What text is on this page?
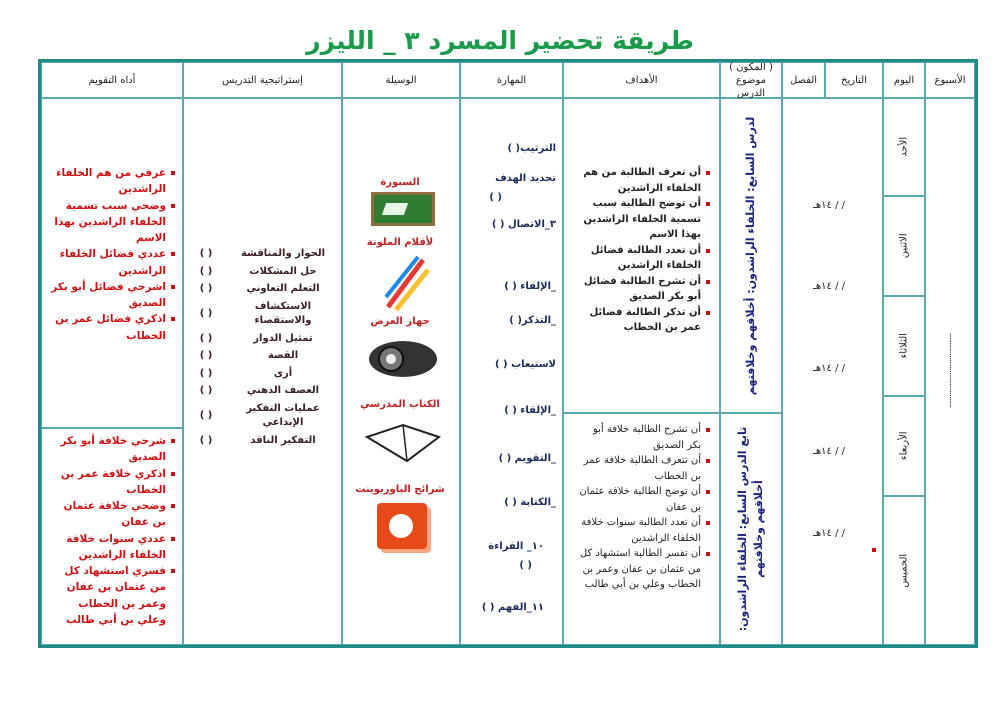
طريقة تحضير المسرد ٣ _ الليزر
الأسبوع
اليوم
التاريخ
الفصل
( المكون )
موضوع الدرس
الأهداف
المهارة
الوسيلة
إستراتيجية التدريس
أداه التقويم
........................................
الأحد
الاثنين
الثلاثاء
الأربعاء
الخميس
/ / ١٤هـ
/ / ١٤هـ
/ / ١٤هـ
/ / ١٤هـ
/ / ١٤هـ
لدرس السابع: الخلفاء الراشدون: أخلاقهم وخلافتهم
تابع الدرس السابع: الخلفاء الراشدون: أخلاقهم وخلافتهم
أن تعرف الطالبة من هم الخلفاء الراشدين
أن توضح الطالبة سبب تسمية الخلفاء الراشدين بهذا الاسم
أن تعدد الطالبة فضائل الخلفاء الراشدين
أن تشرح الطالبة فضائل أبو بكر الصديق
أن تذكر الطالبة فضائل عمر بن الخطاب
أن تشرح الطالبة خلافة أبو بكر الصديق
أن تتعرف الطالبة خلافة عمر بن الخطاب
أن توضح الطالبة خلافة عثمان بن عفان
أن تعدد الطالبة سنوات خلافة الخلفاء الراشدين
أن تفسر الطالبة استشهاد كل من عثمان بن عفان وعمر بن الخطاب وعلي بن أبي طالب
الترتيب( )
تحديد الهدف
( )
٣_الاتصال ( )
_الإلقاء ( )
_التذكر( )
لاستيعاب ( )
_الإلقاء ( )
_التقويم ( )
_الكتابة ( )
١٠_ القراءة
( )
١١_الفهم ( )
السبورة
لأقلام الملونة
جهاز العرض
الكتاب المدرسي
شرائح الباوربوينت
الحوار والمناقشة
( )
حل المشكلات
( )
التعلم التعاوني
( )
الاستكشاف والاستقصاء
( )
تمثيل الدوار
( )
القصة
( )
أرى
( )
العصف الذهني
( )
عمليات التفكير الإبداعي
( )
التفكير الناقد
( )
عرفي من هم الخلفاء الراشدين
وضحي سبب تسمية الخلفاء الراشدين بهذا الاسم
عددي فضائل الخلفاء الراشدين
اشرحي فضائل أبو بكر الصديق
اذكري فضائل عمر بن الخطاب
شرحي خلافة أبو بكر الصديق
اذكري خلافة عمر بن الخطاب
وضحي خلافة عثمان بن عفان
عددي سنوات خلافة الخلفاء الراشدين
فسري استشهاد كل من عثمان بن عفان وعمر بن الخطاب وعلي بن أبي طالب
